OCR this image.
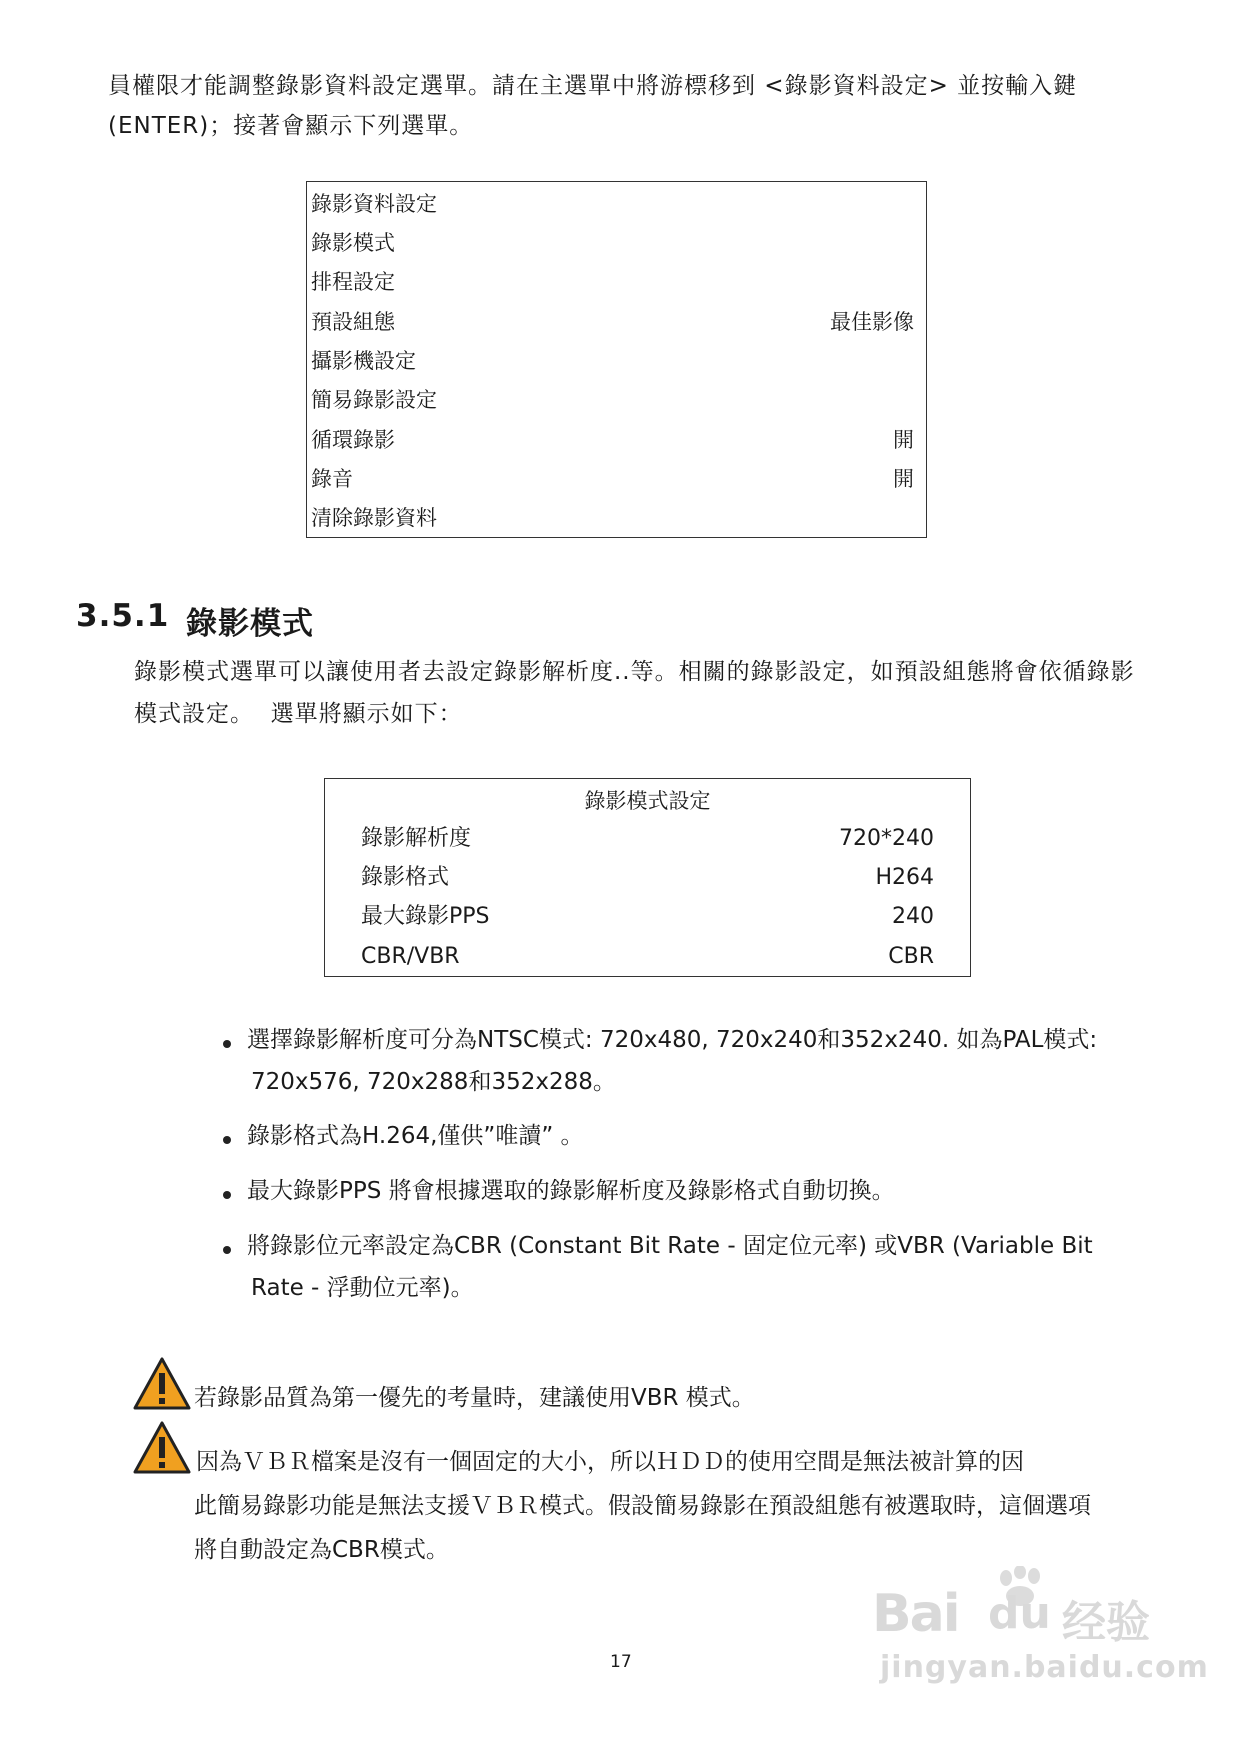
員權限才能調整錄影資料設定選單。請在主選單中將游標移到 <錄影資料設定> 並按輸入鍵
(ENTER)；接著會顯示下列選單。
錄影資料設定
錄影模式
排程設定
預設組態	最佳影像
攝影機設定
簡易錄影設定
循環錄影	開
錄音	開
清除錄影資料
3.5.1 錄影模式
錄影模式選單可以讓使用者去設定錄影解析度..等。相關的錄影設定，如預設組態將會依循錄影
模式設定。  選單將顯示如下：
錄影模式設定
錄影解析度	720*240
錄影格式	H264
最大錄影PPS	240
CBR/VBR	CBR
選擇錄影解析度可分為NTSC模式: 720x480, 720x240和352x240. 如為PAL模式:
720x576, 720x288和352x288。
錄影格式為H.264,僅供”唯讀” 。
最大錄影PPS 將會根據選取的錄影解析度及錄影格式自動切換。
將錄影位元率設定為CBR (Constant Bit Rate - 固定位元率) 或VBR (Variable Bit
Rate - 浮動位元率)。
若錄影品質為第一優先的考量時，建議使用VBR 模式。
因為ＶＢＲ檔案是沒有一個固定的大小，所以ＨＤＤ的使用空間是無法被計算的因
此簡易錄影功能是無法支援ＶＢＲ模式。假設簡易錄影在預設組態有被選取時，這個選項
將自動設定為CBR模式。
17
Bai du 经验
jingyan.baidu.com
